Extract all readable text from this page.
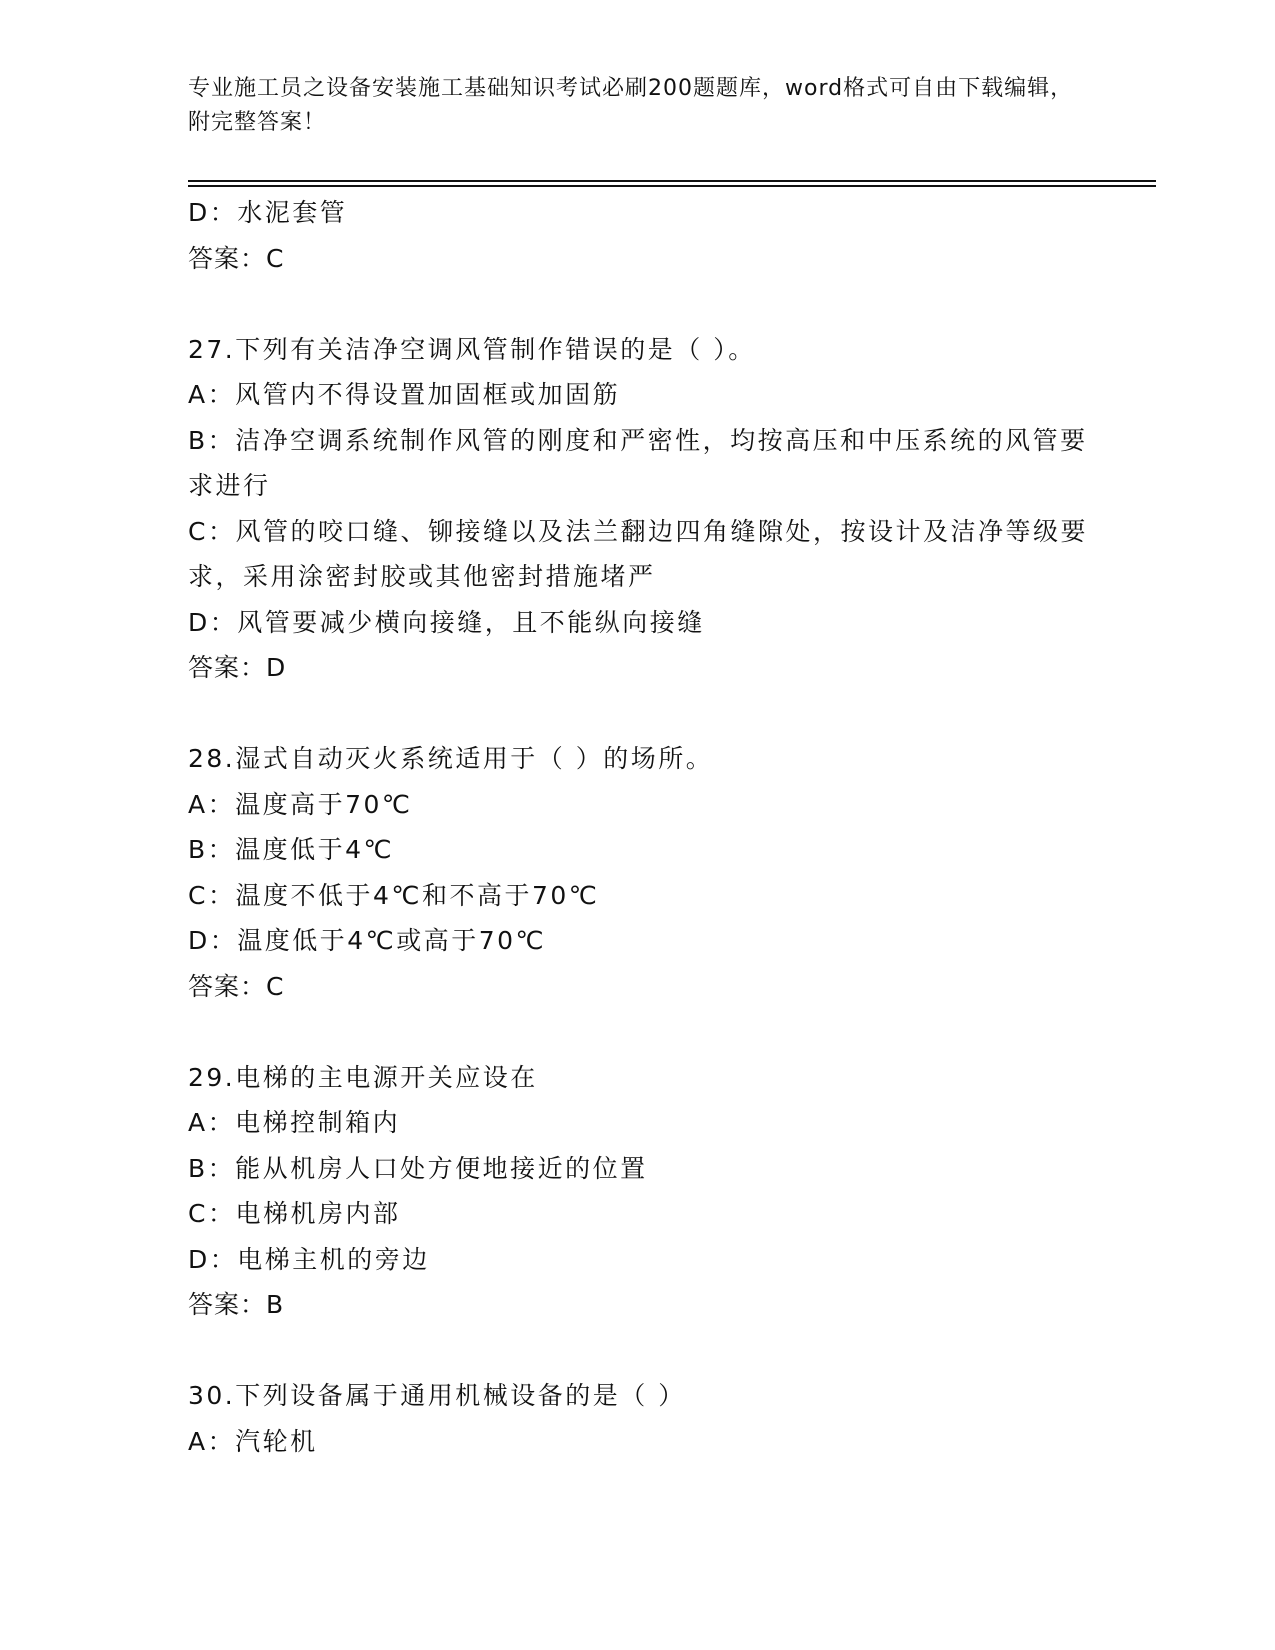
专业施工员之设备安装施工基础知识考试必刷200题题库，word格式可自由下载编辑，附完整答案！
D：水泥套管
答案：C
27.下列有关洁净空调风管制作错误的是（ ）。
A：风管内不得设置加固框或加固筋
B：洁净空调系统制作风管的刚度和严密性，均按高压和中压系统的风管要求进行
C：风管的咬口缝、铆接缝以及法兰翻边四角缝隙处，按设计及洁净等级要求，采用涂密封胶或其他密封措施堵严
D：风管要减少横向接缝，且不能纵向接缝
答案：D
28.湿式自动灭火系统适用于（ ）的场所。
A：温度高于70℃
B：温度低于4℃
C：温度不低于4℃和不高于70℃
D：温度低于4℃或高于70℃
答案：C
29.电梯的主电源开关应设在
A：电梯控制箱内
B：能从机房人口处方便地接近的位置
C：电梯机房内部
D：电梯主机的旁边
答案：B
30.下列设备属于通用机械设备的是（ ）
A：汽轮机
